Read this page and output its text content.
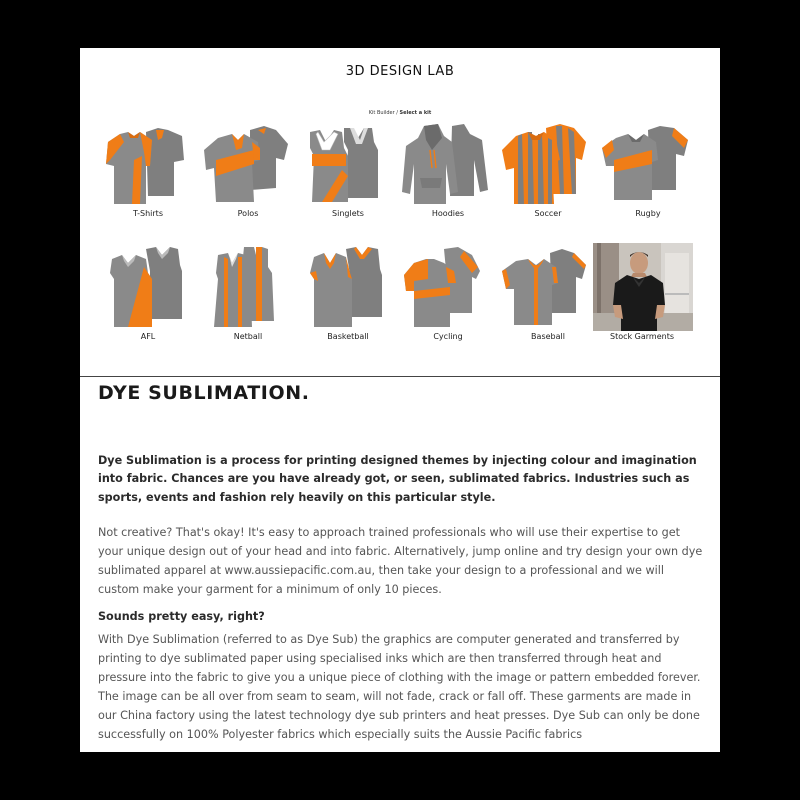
3D DESIGN LAB
Kit Builder / Select a kit
T-Shirts	Polos	Singlets	Hoodies	Soccer	Rugby
AFL	Netball	Basketball	Cycling	Baseball	Stock Garments
DYE SUBLIMATION.

Dye Sublimation is a process for printing designed themes by injecting colour and imagination into fabric. Chances are you have already got, or seen, sublimated fabrics. Industries such as sports, events and fashion rely heavily on this particular style.

Not creative? That's okay! It's easy to approach trained professionals who will use their expertise to get your unique design out of your head and into fabric. Alternatively, jump online and try design your own dye sublimated apparel at www.aussiepacific.com.au, then take your design to a professional and we will custom make your garment for a minimum of only 10 pieces.

Sounds pretty easy, right?

With Dye Sublimation (referred to as Dye Sub) the graphics are computer generated and transferred by printing to dye sublimated paper using specialised inks which are then transferred through heat and pressure into the fabric to give you a unique piece of clothing with the image or pattern embedded forever. The image can be all over from seam to seam, will not fade, crack or fall off. These garments are made in our China factory using the latest technology dye sub printers and heat presses. Dye Sub can only be done successfully on 100% Polyester fabrics which especially suits the Aussie Pacific fabrics
